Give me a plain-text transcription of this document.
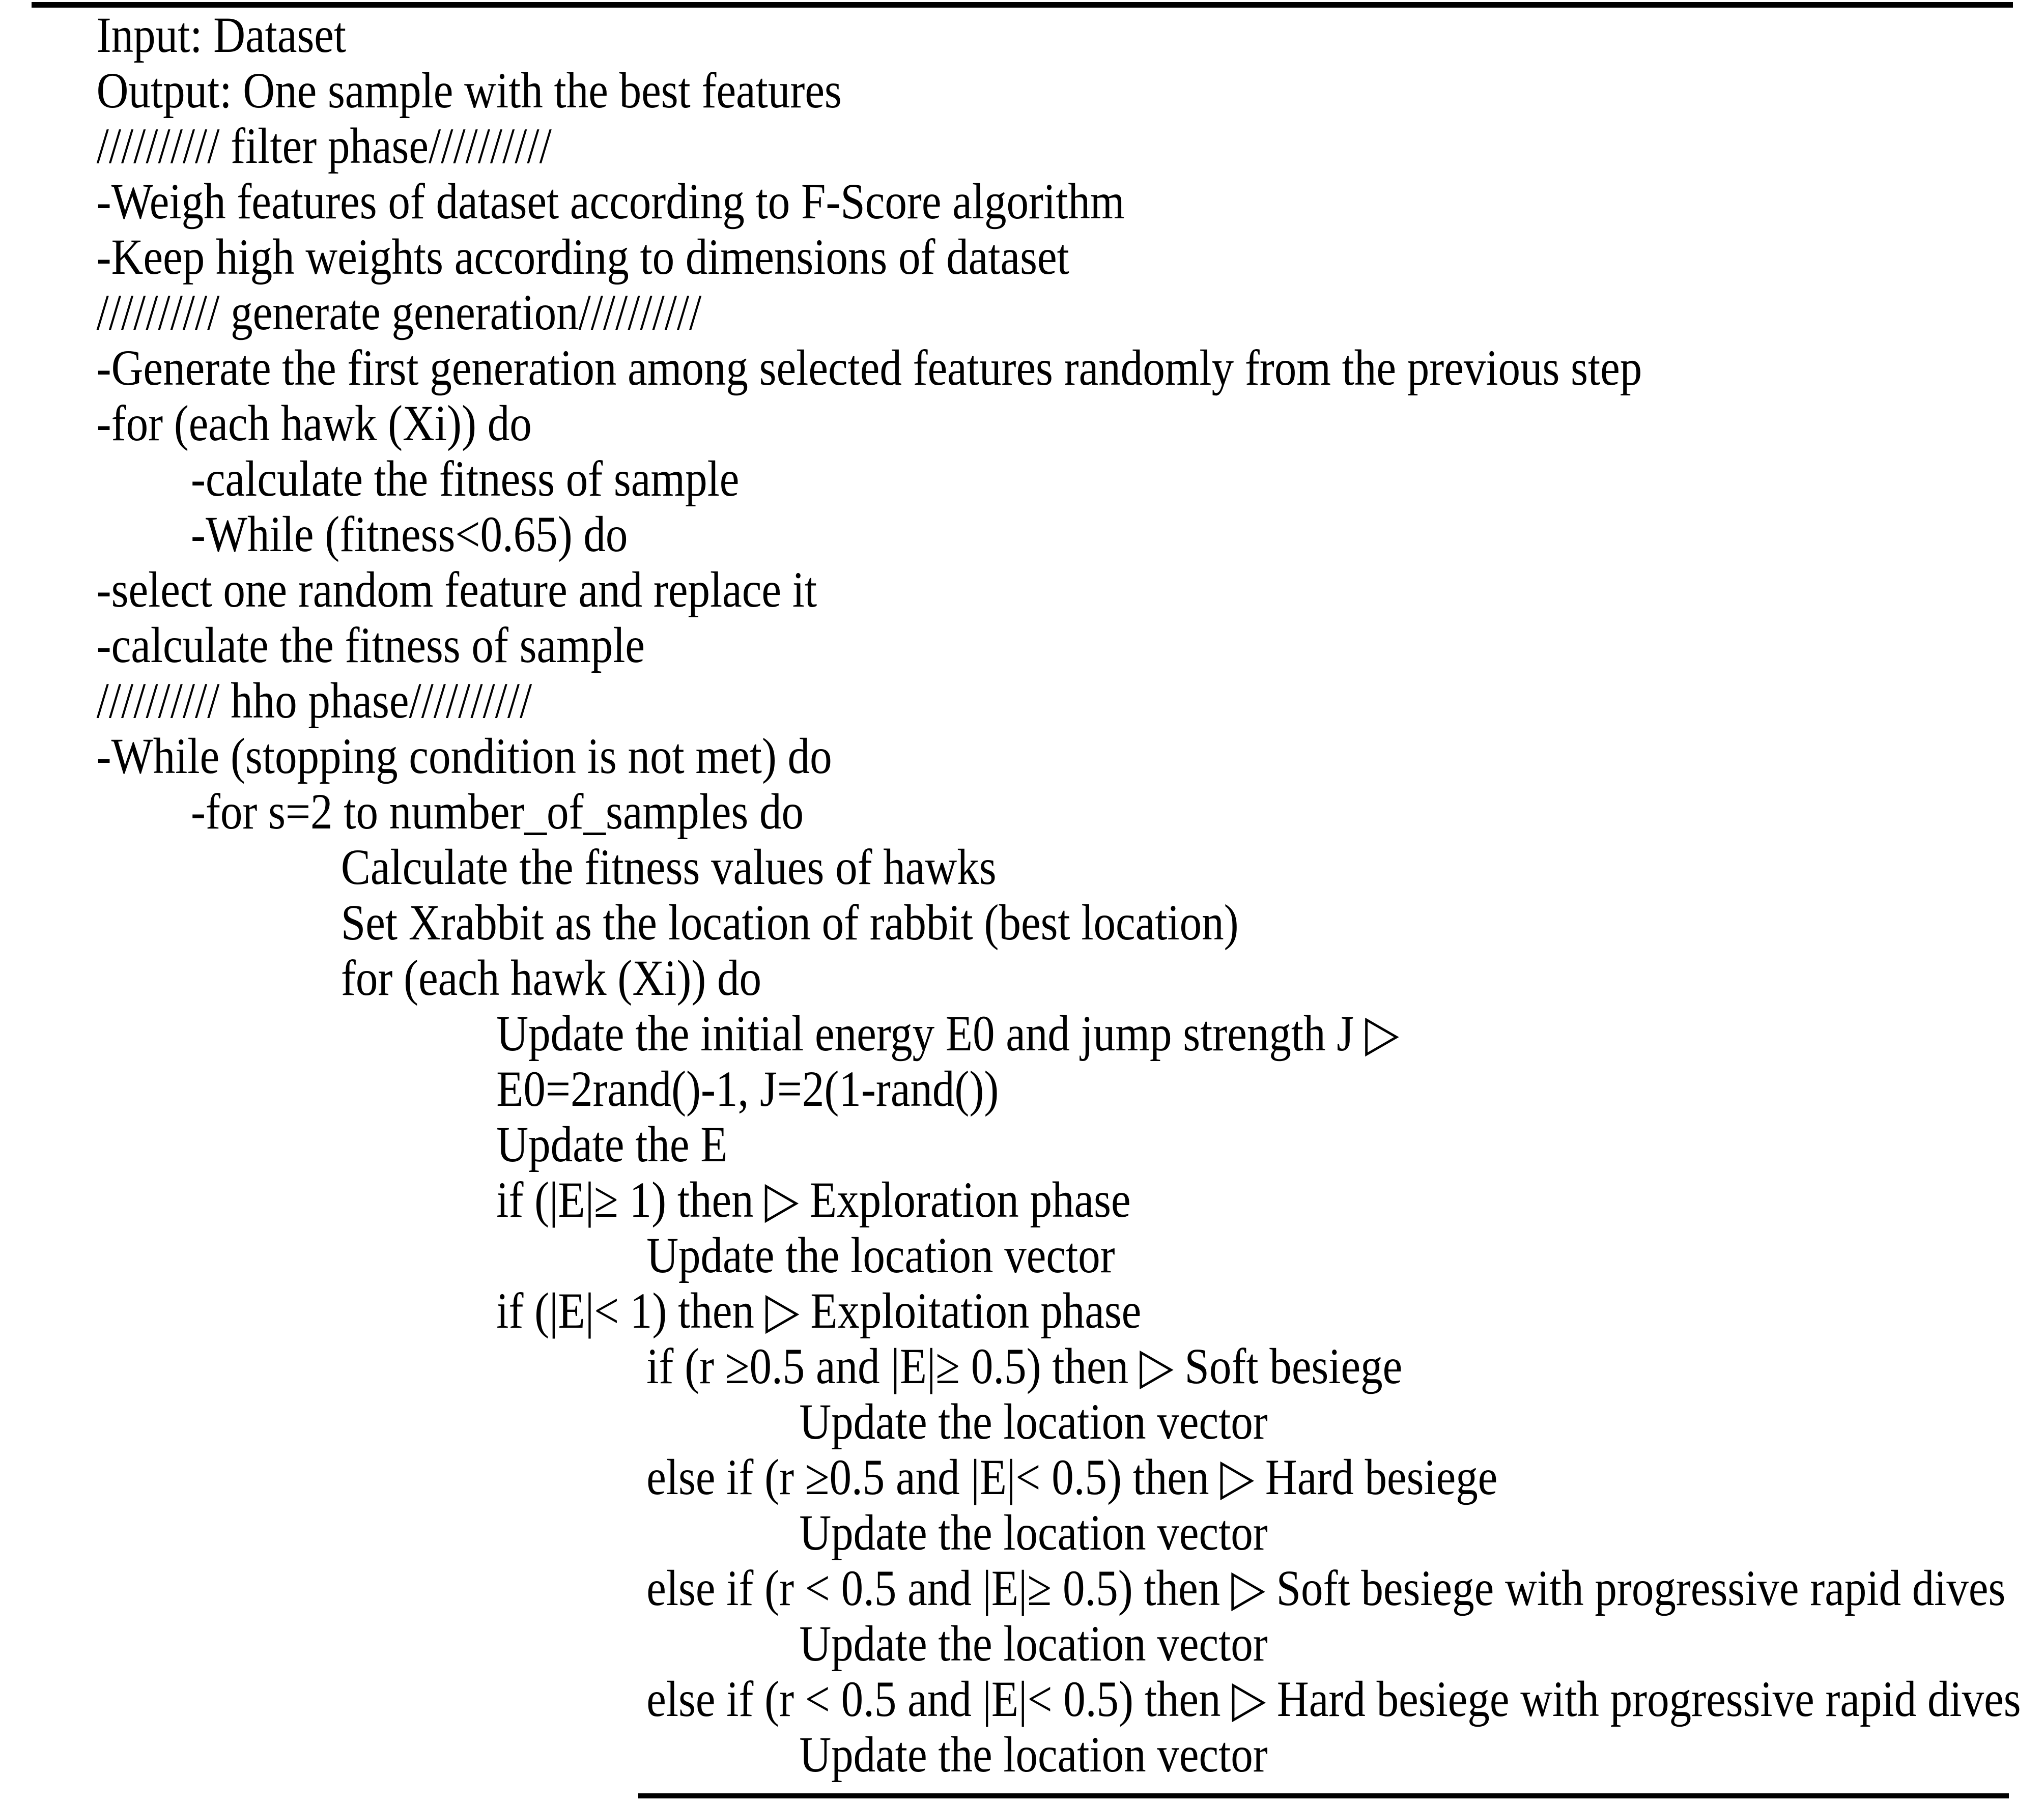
Input: Dataset
Output: One sample with the best features
////////// filter phase//////////
-Weigh features of dataset according to F-Score algorithm
-Keep high weights according to dimensions of dataset
////////// generate generation//////////
-Generate the first generation among selected features randomly from the previous step
-for (each hawk (Xi)) do
-calculate the fitness of sample
-While (fitness<0.65) do
-select one random feature and replace it
-calculate the fitness of sample
////////// hho phase//////////
-While (stopping condition is not met) do
-for s=2 to number_of_samples do
Calculate the fitness values of hawks
Set Xrabbit as the location of rabbit (best location)
for (each hawk (Xi)) do
Update the initial energy E0 and jump strength J ▷
E0=2rand()-1, J=2(1-rand())
Update the E
if (|E|≥ 1) then ▷ Exploration phase
Update the location vector
if (|E|< 1) then ▷ Exploitation phase
if (r ≥0.5 and |E|≥ 0.5) then ▷ Soft besiege
Update the location vector
else if (r ≥0.5 and |E|< 0.5) then ▷ Hard besiege
Update the location vector
else if (r < 0.5 and |E|≥ 0.5) then ▷ Soft besiege with progressive rapid dives
Update the location vector
else if (r < 0.5 and |E|< 0.5) then ▷ Hard besiege with progressive rapid dives
Update the location vector
